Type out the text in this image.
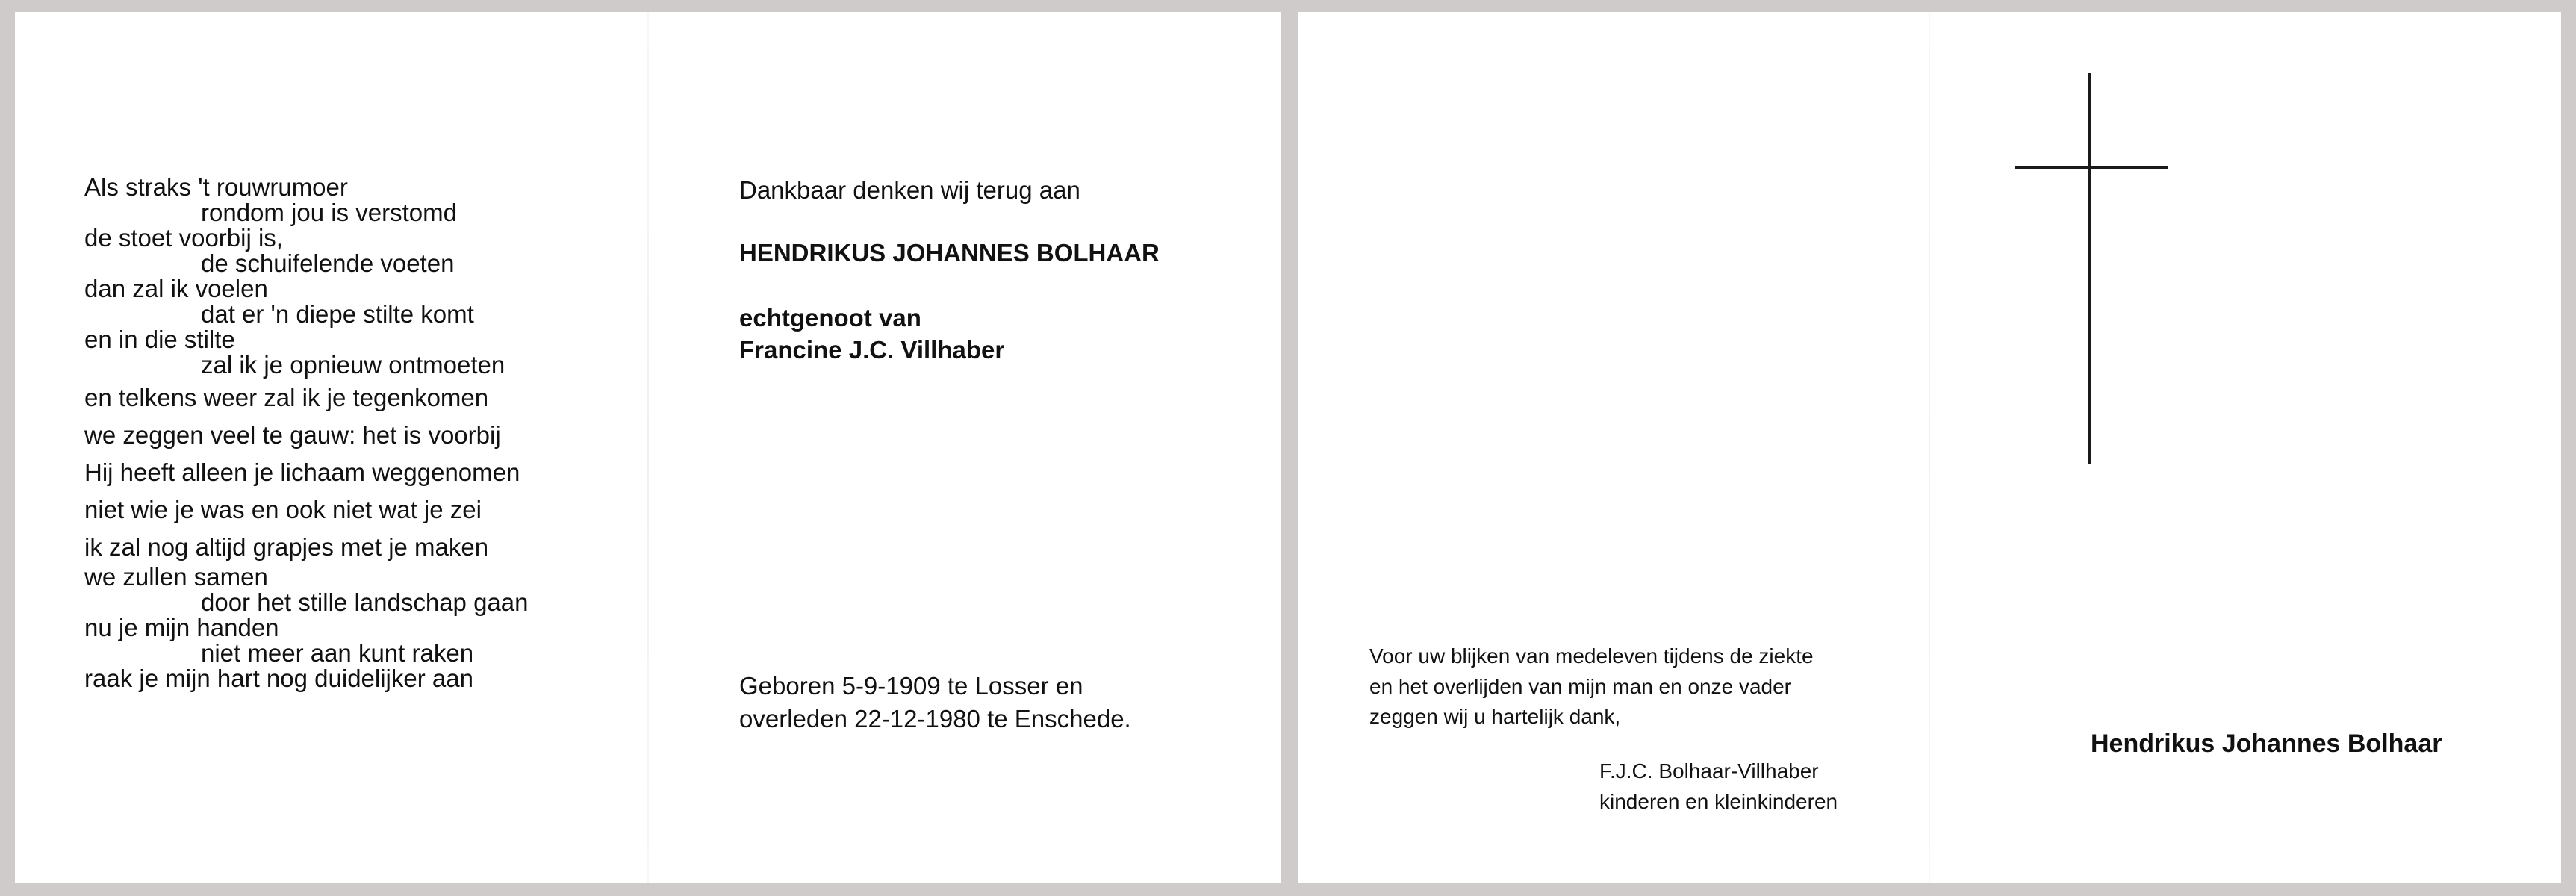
Als straks 't rouwrumoer
rondom jou is verstomd
de stoet voorbij is,
de schuifelende voeten
dan zal ik voelen
dat er 'n diepe stilte komt
en in die stilte
zal ik je opnieuw ontmoeten
en telkens weer zal ik je tegenkomen
we zeggen veel te gauw: het is voorbij
Hij heeft alleen je lichaam weggenomen
niet wie je was en ook niet wat je zei
ik zal nog altijd grapjes met je maken
we zullen samen
door het stille landschap gaan
nu je mijn handen
niet meer aan kunt raken
raak je mijn hart nog duidelijker aan
Dankbaar denken wij terug aan
HENDRIKUS JOHANNES BOLHAAR
echtgenoot van
Francine J.C. Villhaber
Geboren 5-9-1909 te Losser en
overleden 22-12-1980 te Enschede.
Voor uw blijken van medeleven tijdens de ziekte
en het overlijden van mijn man en onze vader
zeggen wij u hartelijk dank,
F.J.C. Bolhaar-Villhaber
kinderen en kleinkinderen
Hendrikus Johannes Bolhaar
